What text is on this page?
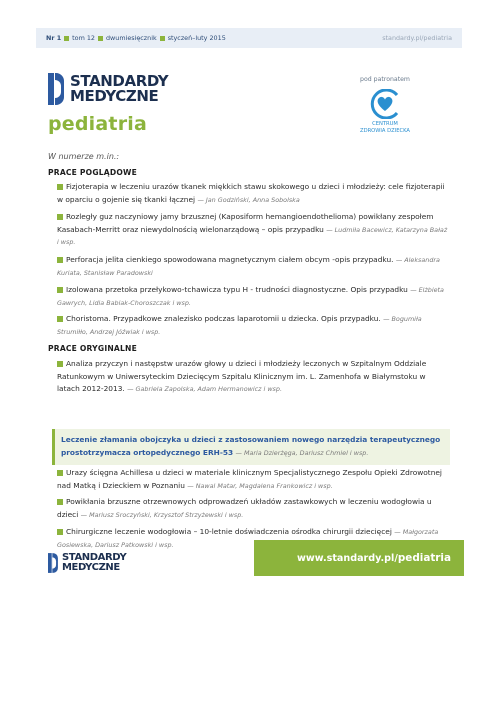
Nr 1 tom 12 dwumiesięcznik styczeń–luty 2015	standardy.pl/pediatria
STANDARDY
MEDYCZNE
pediatria
pod patronatem
CENTRUM
ZDROWIA DZIECKA
W numerze m.in.:
PRACE POGLĄDOWE
Fizjoterapia w leczeniu urazów tkanek miękkich stawu skokowego u dzieci i młodzieży: cele fizjoterapii w oparciu o gojenie się tkanki łącznej — Jan Godziński, Anna Sobolska
Rozległy guz naczyniowy jamy brzusznej (Kaposiform hemangioendothelioma) powikłany zespołem Kasabach-Merritt oraz niewydolnością wielonarządową – opis przypadku — Ludmiła Bacewicz, Katarzyna Bałaż i wsp.
Perforacja jelita cienkiego spowodowana magnetycznym ciałem obcym -opis przypadku. — Aleksandra Kuriata, Stanisław Paradowski
Izolowana przetoka przełykowo-tchawicza typu H - trudności diagnostyczne. Opis przypadku — Elżbieta Gawrych, Lidia Babiak-Choroszczak i wsp.
Choristoma. Przypadkowe znalezisko podczas laparotomii u dziecka. Opis przypadku. — Bogumiła Strumiłło, Andrzej Jóźwiak i wsp.
PRACE ORYGINALNE
Analiza przyczyn i następstw urazów głowy u dzieci i młodzieży leczonych w Szpitalnym Oddziale Ratunkowym w Uniwersyteckim Dziecięcym Szpitalu Klinicznym im. L. Zamenhofa w Białymstoku w latach 2012-2013. — Gabriela Zapolska, Adam Hermanowicz i wsp.
Leczenie złamania obojczyka u dzieci z zastosowaniem nowego narzędzia terapeutycznego prostotrzymacza ortopedycznego ERH-53 — Maria Dzierżęga, Dariusz Chmiel i wsp.
Urazy ścięgna Achillesa u dzieci w materiale klinicznym Specjalistycznego Zespołu Opieki Zdrowotnej nad Matką i Dzieckiem w Poznaniu — Nawal Matar, Magdalena Frankowicz i wsp.
Powikłania brzuszne otrzewnowych odprowadzeń układów zastawkowych w leczeniu wodogłowia u dzieci — Mariusz Sroczyński, Krzysztof Strzyżewski i wsp.
Chirurgiczne leczenie wodogłowia – 10-letnie doświadczenia ośrodka chirurgii dziecięcej — Małgorzata Gosiewska, Dariusz Patkowski i wsp.
STANDARDY
MEDYCZNE
www.standardy.pl/ pediatria
